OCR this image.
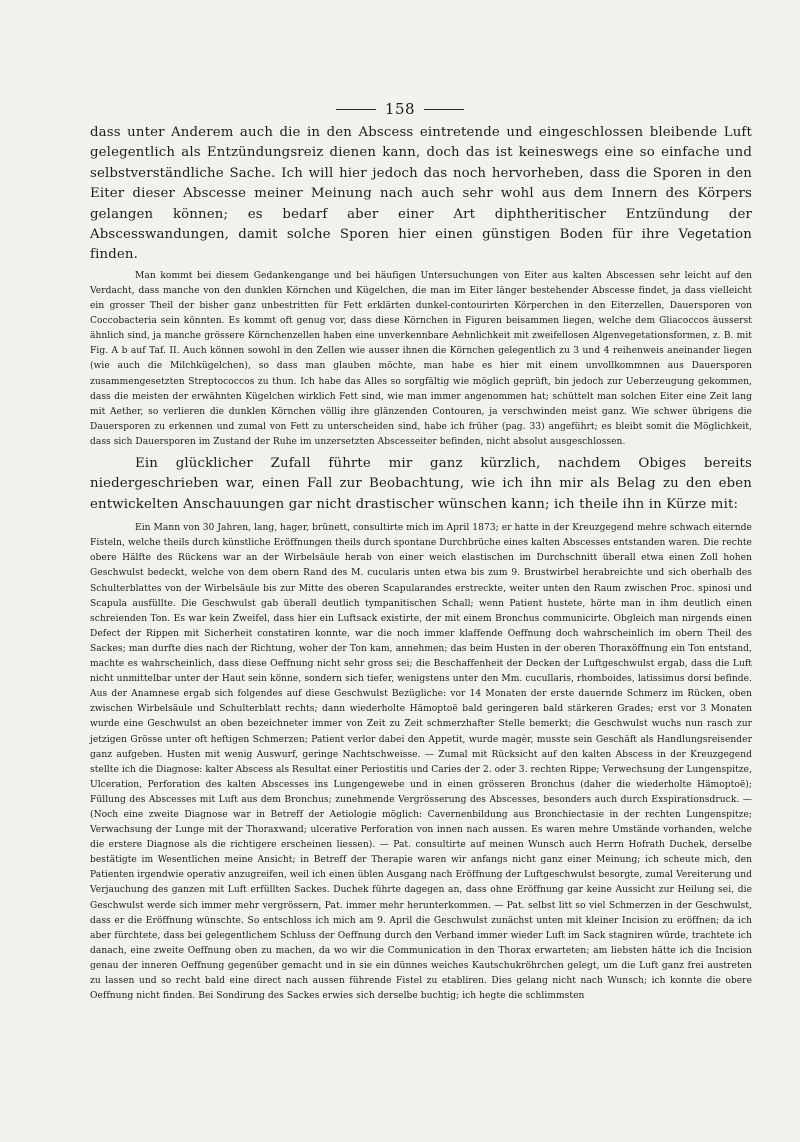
158

dass unter Anderem auch die in den Abscess eintretende und eingeschlossen bleibende Luft gelegentlich als Entzündungsreiz dienen kann, doch das ist keineswegs eine so einfache und selbstverständliche Sache. Ich will hier jedoch das noch hervorheben, dass die Sporen in den Eiter dieser Abscesse meiner Meinung nach auch sehr wohl aus dem Innern des Körpers gelangen können; es bedarf aber einer Art diphtheritischer Entzündung der Abscesswandungen, damit solche Sporen hier einen günstigen Boden für ihre Vegetation finden.

Man kommt bei diesem Gedankengange und bei häufigen Untersuchungen von Eiter aus kalten Abscessen sehr leicht auf den Verdacht, dass manche von den dunklen Körnchen und Kügelchen, die man im Eiter länger bestehender Abscesse findet, ja dass vielleicht ein grosser Theil der bisher ganz unbestritten für Fett erklärten dunkel-contourirten Körperchen in den Eiterzellen, Dauersporen von Coccobacteria sein könnten. Es kommt oft genug vor, dass diese Körnchen in Figuren beisammen liegen, welche dem Gliacoccos äusserst ähnlich sind, ja manche grössere Körnchenzellen haben eine unverkennbare Aehnlichkeit mit zweifellosen Algenvegetationsformen, z. B. mit Fig. A b auf Taf. II. Auch können sowohl in den Zellen wie ausser ihnen die Körnchen gelegentlich zu 3 und 4 reihenweis aneinander liegen (wie auch die Milchkügelchen), so dass man glauben möchte, man habe es hier mit einem unvollkommnen aus Dauersporen zusammengesetzten Streptococcos zu thun. Ich habe das Alles so sorgfältig wie möglich geprüft, bin jedoch zur Ueberzeugung gekommen, dass die meisten der erwähnten Kügelchen wirklich Fett sind, wie man immer angenommen hat; schüttelt man solchen Eiter eine Zeit lang mit Aether, so verlieren die dunklen Körnchen völlig ihre glänzenden Contouren, ja verschwinden meist ganz. Wie schwer übrigens die Dauersporen zu erkennen und zumal von Fett zu unterscheiden sind, habe ich früher (pag. 33) angeführt; es bleibt somit die Möglichkeit, dass sich Dauersporen im Zustand der Ruhe im unzersetzten Abscesseiter befinden, nicht absolut ausgeschlossen.

Ein glücklicher Zufall führte mir ganz kürzlich, nachdem Obiges bereits niedergeschrieben war, einen Fall zur Beobachtung, wie ich ihn mir als Belag zu den eben entwickelten Anschauungen gar nicht drastischer wünschen kann; ich theile ihn in Kürze mit:

Ein Mann von 30 Jahren, lang, hager, brünett, consultirte mich im April 1873; er hatte in der Kreuzgegend mehre schwach eiternde Fisteln, welche theils durch künstliche Eröffnungen theils durch spontane Durchbrüche eines kalten Abscesses entstanden waren. Die rechte obere Hälfte des Rückens war an der Wirbelsäule herab von einer weich elastischen im Durchschnitt überall etwa einen Zoll hohen Geschwulst bedeckt, welche von dem obern Rand des M. cucularis unten etwa bis zum 9. Brustwirbel herabreichte und sich oberhalb des Schulterblattes von der Wirbelsäule bis zur Mitte des oberen Scapularandes erstreckte, weiter unten den Raum zwischen Proc. spinosi und Scapula ausfüllte. Die Geschwulst gab überall deutlich tympanitischen Schall; wenn Patient hustete, hörte man in ihm deutlich einen schreienden Ton. Es war kein Zweifel, dass hier ein Luftsack existirte, der mit einem Bronchus communicirte. Obgleich man nirgends einen Defect der Rippen mit Sicherheit constatiren konnte, war die noch immer klaffende Oeffnung doch wahrscheinlich im obern Theil des Sackes; man durfte dies nach der Richtung, woher der Ton kam, annehmen; das beim Husten in der oberen Thoraxöffnung ein Ton entstand, machte es wahrscheinlich, dass diese Oeffnung nicht sehr gross sei; die Beschaffenheit der Decken der Luftgeschwulst ergab, dass die Luft nicht unmittelbar unter der Haut sein könne, sondern sich tiefer, wenigstens unter den Mm. cucullaris, rhomboides, latissimus dorsi befinde. Aus der Anamnese ergab sich folgendes auf diese Geschwulst Bezügliche: vor 14 Monaten der erste dauernde Schmerz im Rücken, oben zwischen Wirbelsäule und Schulterblatt rechts; dann wiederholte Hämoptoë bald geringeren bald stärkeren Grades; erst vor 3 Monaten wurde eine Geschwulst an oben bezeichneter immer von Zeit zu Zeit schmerzhafter Stelle bemerkt; die Geschwulst wuchs nun rasch zur jetzigen Grösse unter oft heftigen Schmerzen; Patient verlor dabei den Appetit, wurde magèr, musste sein Geschäft als Handlungsreisender ganz aufgeben. Husten mit wenig Auswurf, geringe Nachtschweisse. — Zumal mit Rücksicht auf den kalten Abscess in der Kreuzgegend stellte ich die Diagnose: kalter Abscess als Resultat einer Periostitis und Caries der 2. oder 3. rechten Rippe; Verwechsung der Lungenspitze, Ulceration, Perforation des kalten Abscesses ins Lungengewebe und in einen grösseren Bronchus (daher die wiederholte Hämoptoë); Füllung des Abscesses mit Luft aus dem Bronchus; zunehmende Vergrösserung des Abscesses, besonders auch durch Exspirationsdruck. — (Noch eine zweite Diagnose war in Betreff der Aetiologie möglich: Cavernenbildung aus Bronchiectasie in der rechten Lungenspitze; Verwachsung der Lunge mit der Thoraxwand; ulcerative Perforation von innen nach aussen. Es waren mehre Umstände vorhanden, welche die erstere Diagnose als die richtigere erscheinen liessen). — Pat. consultirte auf meinen Wunsch auch Herrn Hofrath Duchek, derselbe bestätigte im Wesentlichen meine Ansicht; in Betreff der Therapie waren wir anfangs nicht ganz einer Meinung; ich scheute mich, den Patienten irgendwie operativ anzugreifen, weil ich einen üblen Ausgang nach Eröffnung der Luftgeschwulst besorgte, zumal Vereiterung und Verjauchung des ganzen mit Luft erfüllten Sackes. Duchek führte dagegen an, dass ohne Eröffnung gar keine Aussicht zur Heilung sei, die Geschwulst werde sich immer mehr vergrössern, Pat. immer mehr herunterkommen. — Pat. selbst litt so viel Schmerzen in der Geschwulst, dass er die Eröffnung wünschte. So entschloss ich mich am 9. April die Geschwulst zunächst unten mit kleiner Incision zu eröffnen; da ich aber fürchtete, dass bei gelegentlichem Schluss der Oeffnung durch den Verband immer wieder Luft im Sack stagniren würde, trachtete ich danach, eine zweite Oeffnung oben zu machen, da wo wir die Communication in den Thorax erwarteten; am liebsten hätte ich die Incision genau der inneren Oeffnung gegenüber gemacht und in sie ein dünnes weiches Kautschukröhrchen gelegt, um die Luft ganz frei austreten zu lassen und so recht bald eine direct nach aussen führende Fistel zu etabliren. Dies gelang nicht nach Wunsch; ich konnte die obere Oeffnung nicht finden. Bei Sondirung des Sackes erwies sich derselbe buchtig; ich hegte die schlimmsten
